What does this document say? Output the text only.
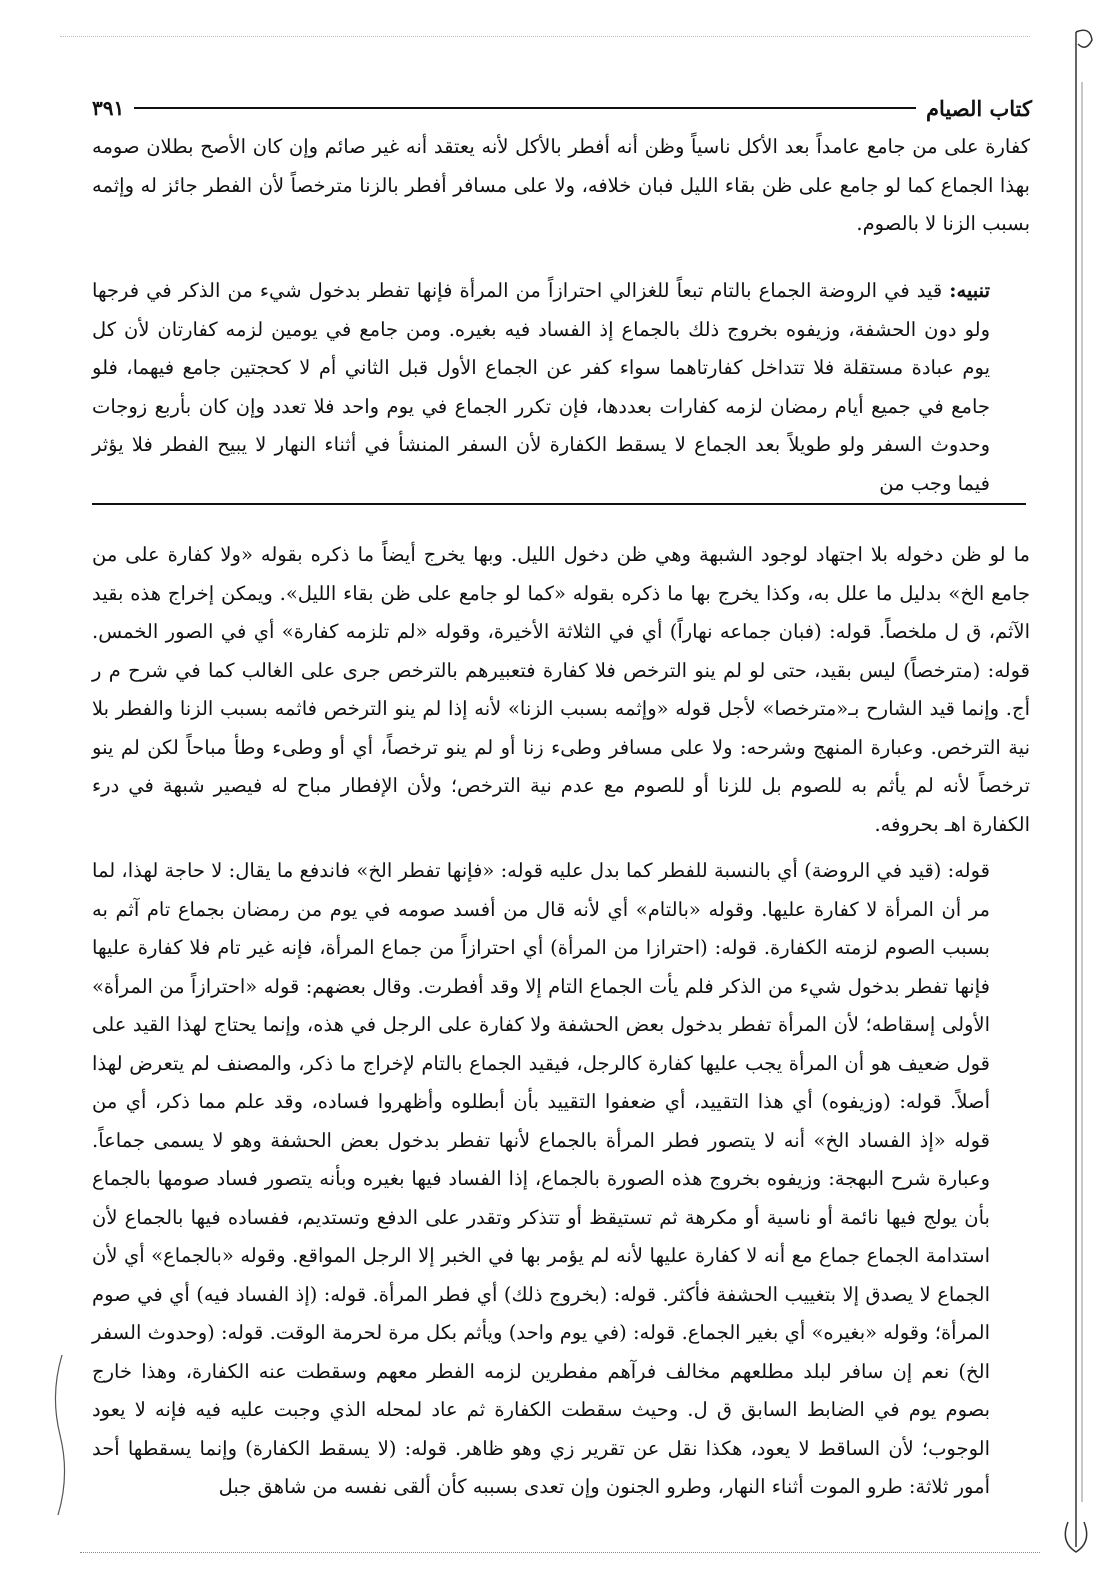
كتاب الصيام
٣٩١

كفارة على من جامع عامداً بعد الأكل ناسياً وظن أنه أفطر بالأكل لأنه يعتقد أنه غير صائم وإن كان الأصح بطلان صومه بهذا الجماع كما لو جامع على ظن بقاء الليل فبان خلافه، ولا على مسافر أفطر بالزنا مترخصاً لأن الفطر جائز له وإثمه بسبب الزنا لا بالصوم.

تنبيه: قيد في الروضة الجماع بالتام تبعاً للغزالي احترازاً من المرأة فإنها تفطر بدخول شيء من الذكر في فرجها ولو دون الحشفة، وزيفوه بخروج ذلك بالجماع إذ الفساد فيه بغيره. ومن جامع في يومين لزمه كفارتان لأن كل يوم عبادة مستقلة فلا تتداخل كفارتاهما سواء كفر عن الجماع الأول قبل الثاني أم لا كحجتين جامع فيهما، فلو جامع في جميع أيام رمضان لزمه كفارات بعددها، فإن تكرر الجماع في يوم واحد فلا تعدد وإن كان بأربع زوجات وحدوث السفر ولو طويلاً بعد الجماع لا يسقط الكفارة لأن السفر المنشأ في أثناء النهار لا يبيح الفطر فلا يؤثر فيما وجب من

ما لو ظن دخوله بلا اجتهاد لوجود الشبهة وهي ظن دخول الليل. وبها يخرج أيضاً ما ذكره بقوله «ولا كفارة على من جامع الخ» بدليل ما علل به، وكذا يخرج بها ما ذكره بقوله «كما لو جامع على ظن بقاء الليل». ويمكن إخراج هذه بقيد الآثم، ق ل ملخصاً. قوله: (فبان جماعه نهاراً) أي في الثلاثة الأخيرة، وقوله «لم تلزمه كفارة» أي في الصور الخمس. قوله: (مترخصاً) ليس بقيد، حتى لو لم ينو الترخص فلا كفارة فتعبيرهم بالترخص جرى على الغالب كما في شرح م ر أج. وإنما قيد الشارح بـ«مترخصا» لأجل قوله «وإثمه بسبب الزنا» لأنه إذا لم ينو الترخص فاثمه بسبب الزنا والفطر بلا نية الترخص. وعبارة المنهج وشرحه: ولا على مسافر وطىء زنا أو لم ينو ترخصاً، أي أو وطىء وطأ مباحاً لكن لم ينو ترخصاً لأنه لم يأثم به للصوم بل للزنا أو للصوم مع عدم نية الترخص؛ ولأن الإفطار مباح له فيصير شبهة في درء الكفارة اهـ بحروفه.

قوله: (قيد في الروضة) أي بالنسبة للفطر كما بدل عليه قوله: «فإنها تفطر الخ» فاندفع ما يقال: لا حاجة لهذا، لما مر أن المرأة لا كفارة عليها. وقوله «بالتام» أي لأنه قال من أفسد صومه في يوم من رمضان بجماع تام آثم به بسبب الصوم لزمته الكفارة. قوله: (احترازا من المرأة) أي احترازاً من جماع المرأة، فإنه غير تام فلا كفارة عليها فإنها تفطر بدخول شيء من الذكر فلم يأت الجماع التام إلا وقد أفطرت. وقال بعضهم: قوله «احترازاً من المرأة» الأولى إسقاطه؛ لأن المرأة تفطر بدخول بعض الحشفة ولا كفارة على الرجل في هذه، وإنما يحتاج لهذا القيد على قول ضعيف هو أن المرأة يجب عليها كفارة كالرجل، فيقيد الجماع بالتام لإخراج ما ذكر، والمصنف لم يتعرض لهذا أصلاً. قوله: (وزيفوه) أي هذا التقييد، أي ضعفوا التقييد بأن أبطلوه وأظهروا فساده، وقد علم مما ذكر، أي من قوله «إذ الفساد الخ» أنه لا يتصور فطر المرأة بالجماع لأنها تفطر بدخول بعض الحشفة وهو لا يسمى جماعاً. وعبارة شرح البهجة: وزيفوه بخروج هذه الصورة بالجماع، إذا الفساد فيها بغيره وبأنه يتصور فساد صومها بالجماع بأن يولج فيها نائمة أو ناسية أو مكرهة ثم تستيقظ أو تتذكر وتقدر على الدفع وتستديم، ففساده فيها بالجماع لأن استدامة الجماع جماع مع أنه لا كفارة عليها لأنه لم يؤمر بها في الخبر إلا الرجل المواقع. وقوله «بالجماع» أي لأن الجماع لا يصدق إلا بتغييب الحشفة فأكثر. قوله: (بخروج ذلك) أي فطر المرأة. قوله: (إذ الفساد فيه) أي في صوم المرأة؛ وقوله «بغيره» أي بغير الجماع. قوله: (في يوم واحد) ويأثم بكل مرة لحرمة الوقت. قوله: (وحدوث السفر الخ) نعم إن سافر لبلد مطلعهم مخالف فرآهم مفطرين لزمه الفطر معهم وسقطت عنه الكفارة، وهذا خارج بصوم يوم في الضابط السابق ق ل. وحيث سقطت الكفارة ثم عاد لمحله الذي وجبت عليه فيه فإنه لا يعود الوجوب؛ لأن الساقط لا يعود، هكذا نقل عن تقرير زي وهو ظاهر. قوله: (لا يسقط الكفارة) وإنما يسقطها أحد أمور ثلاثة: طرو الموت أثناء النهار، وطرو الجنون وإن تعدى بسببه كأن ألقى نفسه من شاهق جبل
